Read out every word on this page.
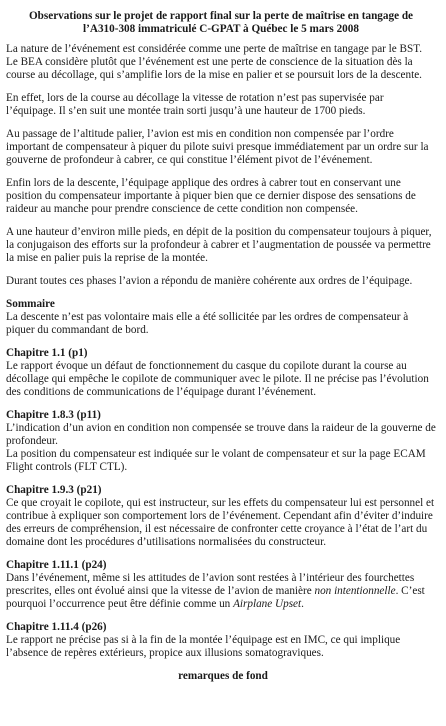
Observations sur le projet de rapport final sur la perte de maîtrise en tangage de
l’A310-308 immatriculé C-GPAT à Québec le 5 mars 2008

La nature de l’événement est considérée comme une perte de maîtrise en tangage par le BST. Le BEA considère plutôt que l’événement est une perte de conscience de la situation dès la course au décollage, qui s’amplifie lors de la mise en palier et se poursuit lors de la descente.

En effet, lors de la course au décollage la vitesse de rotation n’est pas supervisée par l’équipage. Il s’en suit une montée train sorti jusqu’à une hauteur de 1700 pieds.

Au passage de l’altitude palier, l’avion est mis en condition non compensée par l’ordre important de compensateur à piquer du pilote suivi presque immédiatement par un ordre sur la gouverne de profondeur à cabrer, ce qui constitue l’élément pivot de l’événement.

Enfin lors de la descente, l’équipage applique des ordres à cabrer tout en conservant une position du compensateur importante à piquer bien que ce dernier dispose des sensations de raideur au manche pour prendre conscience de cette condition non compensée.

A une hauteur d’environ mille pieds, en dépit de la position du compensateur toujours à piquer, la conjugaison des efforts sur la profondeur à cabrer et l’augmentation de poussée va permettre la mise en palier puis la reprise de la montée.

Durant toutes ces phases l’avion a répondu de manière cohérente aux ordres de l’équipage.

Sommaire

La descente n’est pas volontaire mais elle a été sollicitée par les ordres de compensateur à piquer du commandant de bord.

Chapitre 1.1 (p1)

Le rapport évoque un défaut de fonctionnement du casque du copilote durant la course au décollage qui empêche le copilote de communiquer avec le pilote. Il ne précise pas l’évolution des conditions de communications de l’équipage durant l’événement.

Chapitre 1.8.3 (p11)

L’indication d’un avion en condition non compensée se trouve dans la raideur de la gouverne de profondeur.

La position du compensateur est indiquée sur le volant de compensateur et sur la page ECAM Flight controls (FLT CTL).

Chapitre 1.9.3 (p21)

Ce que croyait le copilote, qui est instructeur, sur les effets du compensateur lui est personnel et contribue à expliquer son comportement lors de l’événement. Cependant afin d’éviter d’induire des erreurs de compréhension, il est nécessaire de confronter cette croyance à l’état de l’art du domaine dont les procédures d’utilisations normalisées du constructeur.

Chapitre 1.11.1 (p24)

Dans l’événement, même si les attitudes de l’avion sont restées à l’intérieur des fourchettes prescrites, elles ont évolué ainsi que la vitesse de l’avion de manière non intentionnelle. C’est pourquoi l’occurrence peut être définie comme un Airplane Upset.

Chapitre 1.11.4 (p26)

Le rapport ne précise pas si à la fin de la montée l’équipage est en IMC, ce qui implique l’absence de repères extérieurs, propice aux illusions somatograviques.

remarques de fond
